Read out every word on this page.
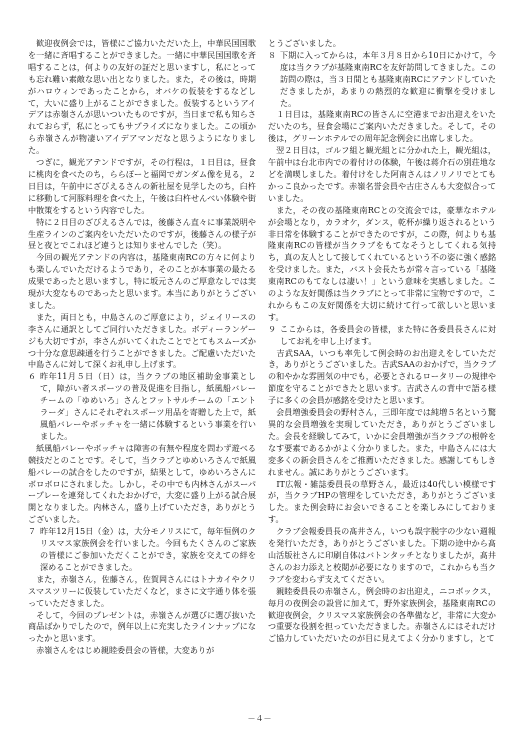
　歓迎夜例会では，皆様にご協力いただいた上，中華民国国歌を一緒に斉唱することができました。一緒に中華民国国歌を斉唱することは，何よりの友好の証だと思いますし，私にとっても忘れ難い素敵な思い出となりました。また，その後は，時期がハロウィンであったことから，オバケの仮装をするなどして，大いに盛り上がることができました。仮装するというアイデアは赤嶺さんが思いついたものですが，当日まで私も知らされておらず，私にとってもサプライズになりました。この頃から赤嶺さんが物凄いアイデアマンだなと思うようになりました。

　つぎに，観光アテンドですが，その行程は，１日目は，昼食に桃肉を食べたのち，ららぽーと福岡でガンダム像を見る，２日目は，午前中にざびえるさんの新社屋を見学したのち，臼杵に移動して河豚料理を食べた上，午後は臼杵せんべい体験や街中散策をするという内容でした。

　特に２日目のざびえるさんでは，後藤さん直々に事業説明や生産ラインのご案内をいただいたのですが，後藤さんの様子が昼と夜とでこれほど違うとは知りませんでした（笑）。

　今回の観光アテンドの内容は，基隆東南RCの方々に何よりも楽しんでいただけるようであり，そのことが本事業の最たる成果であったと思いますし，特に坂元さんのご厚意なしでは実現が大変なものであったと思います。本当にありがとうございました。

　また，両日とも，中島さんのご厚意により，ジェイリースの李さんに通訳としてご同行いただきました。ボディーランゲージも大切ですが，李さんがいてくれたことでとてもスムーズかつ十分な意思疎通を行うことができました。ご配慮いただいた中島さんに対して深くお礼申し上げます。

６ 昨年11月５日（日）は，当クラブの地区補助金事業として，障がい者スポーツの普及促進を目指し，紙風船バレーチームの「ゆめいろ」さんとフットサルチームの「エントラーダ」さんにそれぞれスポーツ用品を寄贈した上で，紙風船バレーやボッチャを一緒に体験するという事業を行いました。

　紙風船バレーやボッチャは障害の有無や程度を問わず遊べる競技だとのことです。そして，当クラブとゆめいろさんで紙風船バレーの試合をしたのですが，結果として，ゆめいろさんにボロボロにされました。しかし，その中でも内林さんがスーパープレーを連発してくれたおかげで，大変に盛り上がる試合展開となりました。内林さん，盛り上げていただき，ありがとうございました。

７ 昨年12月15日（金）は，大分モノリスにて，毎年恒例のクリスマス家族例会を行いました。今回もたくさんのご家族の皆様にご参加いただくことができ，家族を交えての絆を深めることができました。

　また，赤嶺さん，佐藤さん，佐賀岡さんにはトナカイやクリスマスツリーに仮装していただくなど，まさに文字通り体を張っていただきました。

　そして，今回のプレゼントは，赤嶺さんが選びに選び抜いた商品ばかりでしたので，例年以上に充実したラインナップになったかと思います。

　赤嶺さんをはじめ親睦委員会の皆様，大変ありが

とうございました。

８ 下期に入ってからは，本年３月８日から10日にかけて，今度は当クラブが基隆東南RCを友好訪問してきました。この訪問の際は，当３日間とも基隆東南RCにアテンドしていただきましたが，あまりの熱烈的な歓迎に衝撃を受けました。

　１日目は，基隆東南RCの皆さんに空港までお出迎えをいただいたのち，昼食会場にご案内いただきました。そして，その後は，グリーンホテルでの周年記念例会に出席しました。

　翌２日目は，ゴルフ組と観光組とに分かれた上，観光組は，午前中は台北市内での着付けの体験，午後は蒋介石の別荘地などを満喫しました。着付けをした阿南さんはノリノリでとてもかっこ良かったです。赤嶺名誉会員や古庄さんも大変似合っていました。

　また，その夜の基隆東南RCとの交流会では，豪華なホテルが会場となり，カラオケ，ダンス，乾杯が繰り返されるという非日常を体験することができたのですが，この際，何よりも基隆東南RCの皆様が当クラブをもてなそうとしてくれる気持ち，真の友人として接してくれているという不の姿に強く感銘を受けました。また，バスト会長たちが常々言っている「基隆東南RCのもてなしは凄い！」という意味を実感しました。このような友好関係は当クラブにとって非常に宝物ですので，これからもこの友好関係を大切に続けて行って欲しいと思います。

９ ここからは，各委員会の皆様，また特に各委員長さんに対してお礼を申し上げます。

　吉武SAA，いつも率先して例会時のお出迎えをしていただき，ありがとうございました。吉武SAAのおかげで，当クラブの和やかな雰囲気の中でも，必要とされるロータリーの規律や節度を守ることができたと思います。吉武さんの背中で語る様子に多くの会員が感銘を受けたと思います。

　会員増強委員会の野村さん，三即年度では純増５名という驚異的な会員増強を実現していただき，ありがとうございました。会長を経験してみて，いかに会員増強が当クラブの根幹をなす要素であるかがよく分かりました。また，中島さんには大変多くの新会員さんをご推薦いただきました。感謝してもしきれません。誠にありがとうございます。

　IT広報・雑誌委員長の草野さん，最近は40代しい模様ですが，当クラブHPの管理をしていただき，ありがとうございました。また例会時にお会いできることを楽しみにしております。

　クラブ会報委員長の髙井さん，いつも誤字脱字の少ない週報を発行いただき，ありがとうございました。下期の途中から髙山活版社さんに印刷自体はバトンタッチとなりましたが，髙井さんのお力添えと校閲が必要になりますので，これからも当クラブを変わらず支えてください。

　親睦委員長の赤嶺さん，例会時のお出迎え，ニコボックス，毎月の夜例会の設営に加えて，野外家族例会，基隆東南RCの歓迎夜例会，クリスマス家族例会の各準備など，非常に大変かつ重要な役割を担っていただきました。赤嶺さんにはそれだけご協力していただいたのが目に見えてよく分かりますし，とて

－４－
